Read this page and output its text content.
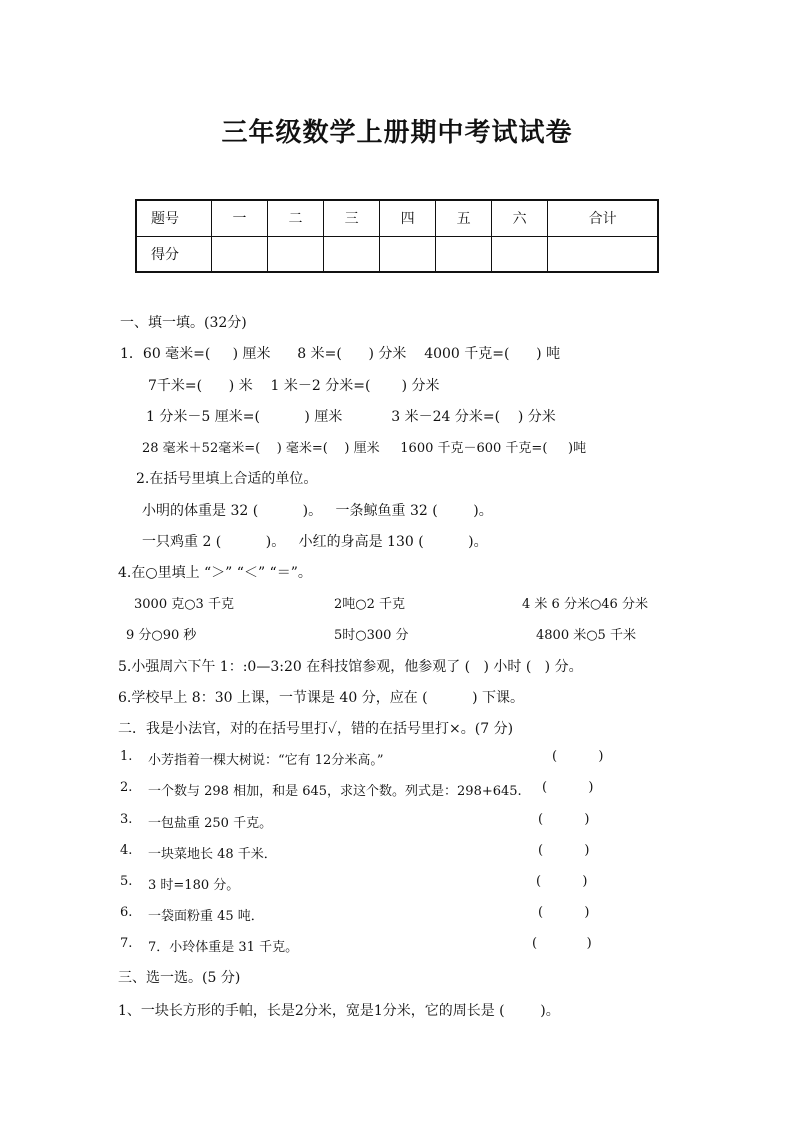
三年级数学上册期中考试试卷
题号	一	二	三	四	五	六	合计
得分							
一、填一填。(32分)
1．60 毫米=(     ) 厘米      8 米=(      ) 分米    4000 千克=(      ) 吨
7千米=(      ) 米    1 米－2 分米=(       ) 分米
1 分米－5 厘米=(          ) 厘米           3 米－24 分米=(    ) 分米
28 毫米＋52毫米=(    ) 毫米=(    ) 厘米     1600 千克－600 千克=(     )吨
2.在括号里填上合适的单位。
小明的体重是 32 (          )。   一条鲸鱼重 32 (        )。
一只鸡重 2 (          )。   小红的身高是 130 (          )。
4.在○里填上 “＞” “＜” “＝”。
3000 克○3 千克	2吨○2 千克	4 米 6 分米○46 分米
9 分○90 秒	5时○300 分	4800 米○5 千米
5.小强周六下午 1：:0—3:20 在科技馆参观，他参观了 (   ) 小时 (   ) 分。
6.学校早上 8：30 上课，一节课是 40 分，应在 (          ) 下课。
二．我是小法官，对的在括号里打✓，错的在括号里打×。(7 分)
1. 小芳指着一棵大树说：“它有 12分米高。”	(          )
2. 一个数与 298 相加，和是 645，求这个数。列式是：298+645. (          )
3. 一包盐重 250 千克。	(          )
4. 一块菜地长 48 千米．	(          )
5. 3 时=180 分。	(          )
6. 一袋面粉重 45 吨．	(          )
7. 7．小玲体重是 31 千克。	(            )
三、选一选。(5 分)
1、一块长方形的手帕，长是2分米，宽是1分米，它的周长是 (        )。
